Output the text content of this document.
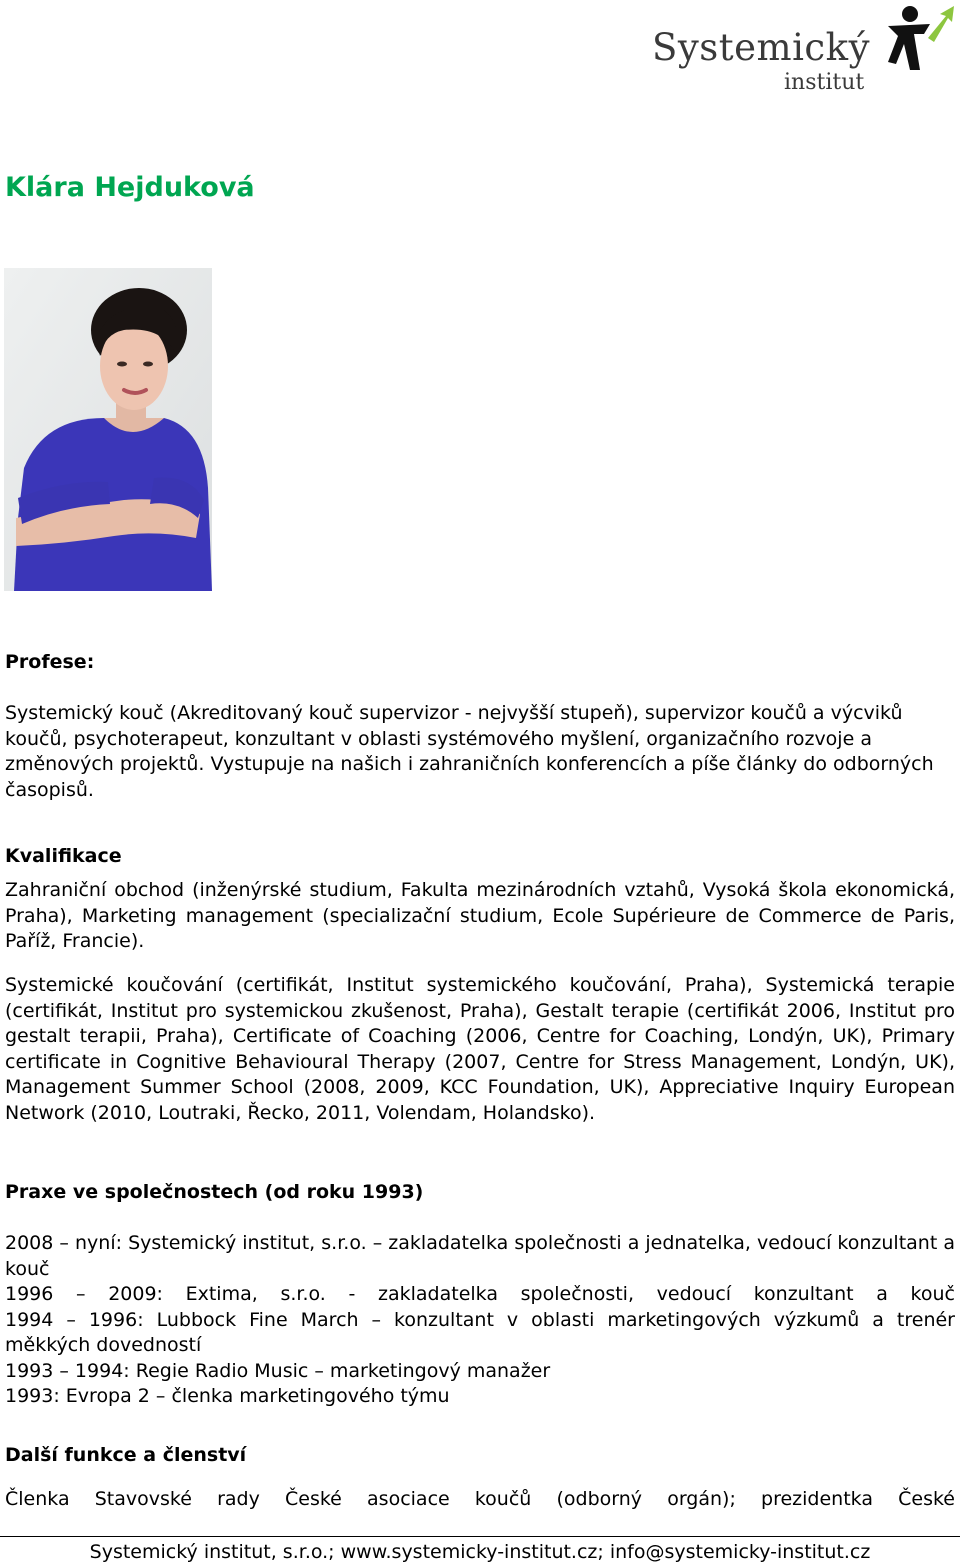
Systemický
institut
Klára Hejduková
Profese:

Systemický kouč (Akreditovaný kouč supervizor - nejvyšší stupeň), supervizor koučů a výcviků koučů, psychoterapeut, konzultant v oblasti systémového myšlení, organizačního rozvoje a změnových projektů. Vystupuje na našich i zahraničních konferencích a píše články do odborných časopisů.

Kvalifikace

Zahraniční obchod (inženýrské studium, Fakulta mezinárodních vztahů, Vysoká škola ekonomická, Praha), Marketing management (specializační studium, Ecole Supérieure de Commerce de Paris, Paříž, Francie).

Systemické koučování (certifikát, Institut systemického koučování, Praha), Systemická terapie (certifikát, Institut pro systemickou zkušenost, Praha), Gestalt terapie (certifikát 2006, Institut pro gestalt terapii, Praha), Certificate of Coaching (2006, Centre for Coaching, Londýn, UK), Primary certificate in Cognitive Behavioural Therapy (2007, Centre for Stress Management, Londýn, UK), Management Summer School (2008, 2009, KCC Foundation, UK), Appreciative Inquiry European Network (2010, Loutraki, Řecko, 2011, Volendam, Holandsko).

Praxe ve společnostech (od roku 1993)

2008 – nyní: Systemický institut, s.r.o. – zakladatelka společnosti a jednatelka, vedoucí konzultant a kouč

1996 – 2009: Extima, s.r.o. - zakladatelka společnosti, vedoucí konzultant a kouč

1994 – 1996: Lubbock Fine March – konzultant v oblasti marketingových výzkumů a trenér měkkých dovedností

1993 – 1994: Regie Radio Music – marketingový manažer

1993: Evropa 2 – členka marketingového týmu

Další funkce a členství

Členka Stavovské rady České asociace koučů (odborný orgán); prezidentka České

Systemický institut, s.r.o.; www.systemicky-institut.cz; info@systemicky-institut.cz
